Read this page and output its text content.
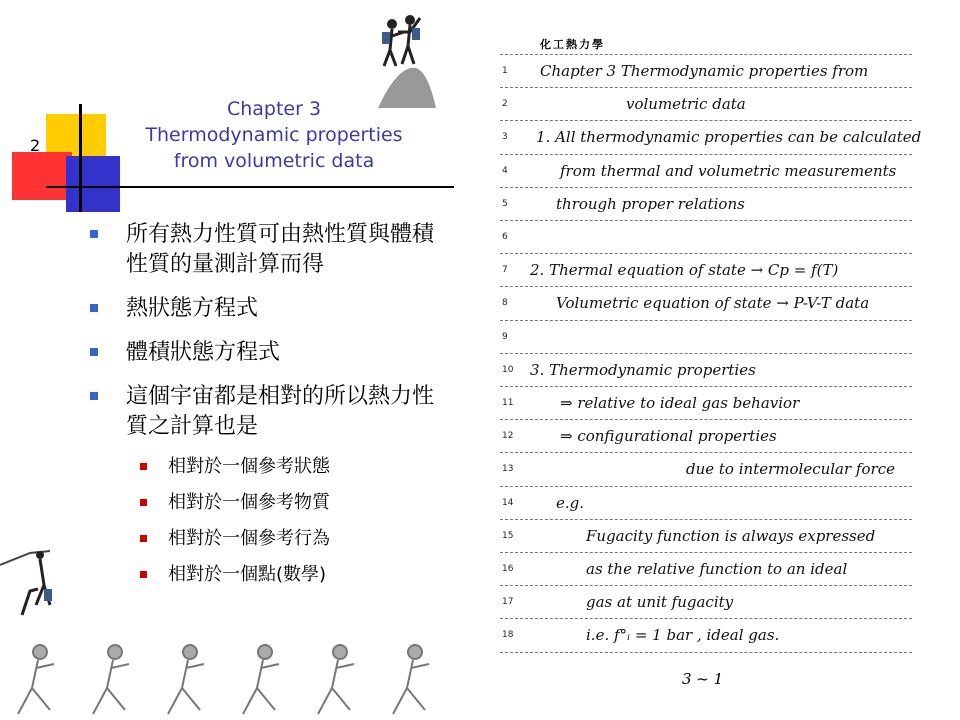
2
Chapter 3
Thermodynamic properties
from volumetric data
所有熱力性質可由熱性質與體積性質的量測計算而得
熱狀態方程式
體積狀態方程式
這個宇宙都是相對的所以熱力性質之計算也是
相對於一個參考狀態
相對於一個參考物質
相對於一個參考行為
相對於一個點(數學)
化工熱力學
3 ~ 1
1
2
3
4
5
6
7
8
9
10
11
12
13
14
15
16
17
18
Chapter 3 Thermodynamic properties from
volumetric data
1. All thermodynamic properties can be calculated
from thermal and volumetric measurements
through proper relations
2. Thermal equation of state → Cp = f(T)
Volumetric equation of state → P-V-T data
3. Thermodynamic properties
⇒ relative to ideal gas behavior
⇒ configurational properties
due to intermolecular force
e.g.
Fugacity function is always expressed
as the relative function to an ideal
gas at unit fugacity
i.e. f°ᵢ = 1 bar , ideal gas.
